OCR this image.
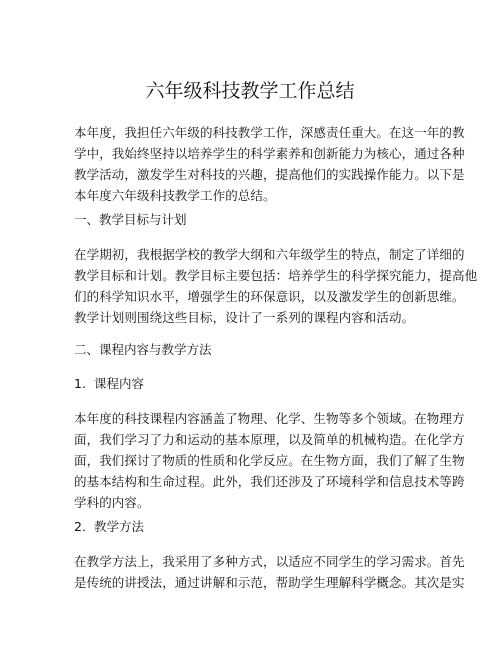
六年级科技教学工作总结
本年度，我担任六年级的科技教学工作，深感责任重大。在这一年的教
学中，我始终坚持以培养学生的科学素养和创新能力为核心，通过各种
教学活动，激发学生对科技的兴趣，提高他们的实践操作能力。以下是
本年度六年级科技教学工作的总结。
一、教学目标与计划
在学期初，我根据学校的教学大纲和六年级学生的特点，制定了详细的
教学目标和计划。教学目标主要包括：培养学生的科学探究能力，提高他
们的科学知识水平，增强学生的环保意识，以及激发学生的创新思维。
教学计划则围绕这些目标，设计了一系列的课程内容和活动。
二、课程内容与教学方法
1. 课程内容
本年度的科技课程内容涵盖了物理、化学、生物等多个领域。在物理方
面，我们学习了力和运动的基本原理，以及简单的机械构造。在化学方
面，我们探讨了物质的性质和化学反应。在生物方面，我们了解了生物
的基本结构和生命过程。此外，我们还涉及了环境科学和信息技术等跨
学科的内容。
2. 教学方法
在教学方法上，我采用了多种方式，以适应不同学生的学习需求。首先
是传统的讲授法，通过讲解和示范，帮助学生理解科学概念。其次是实
